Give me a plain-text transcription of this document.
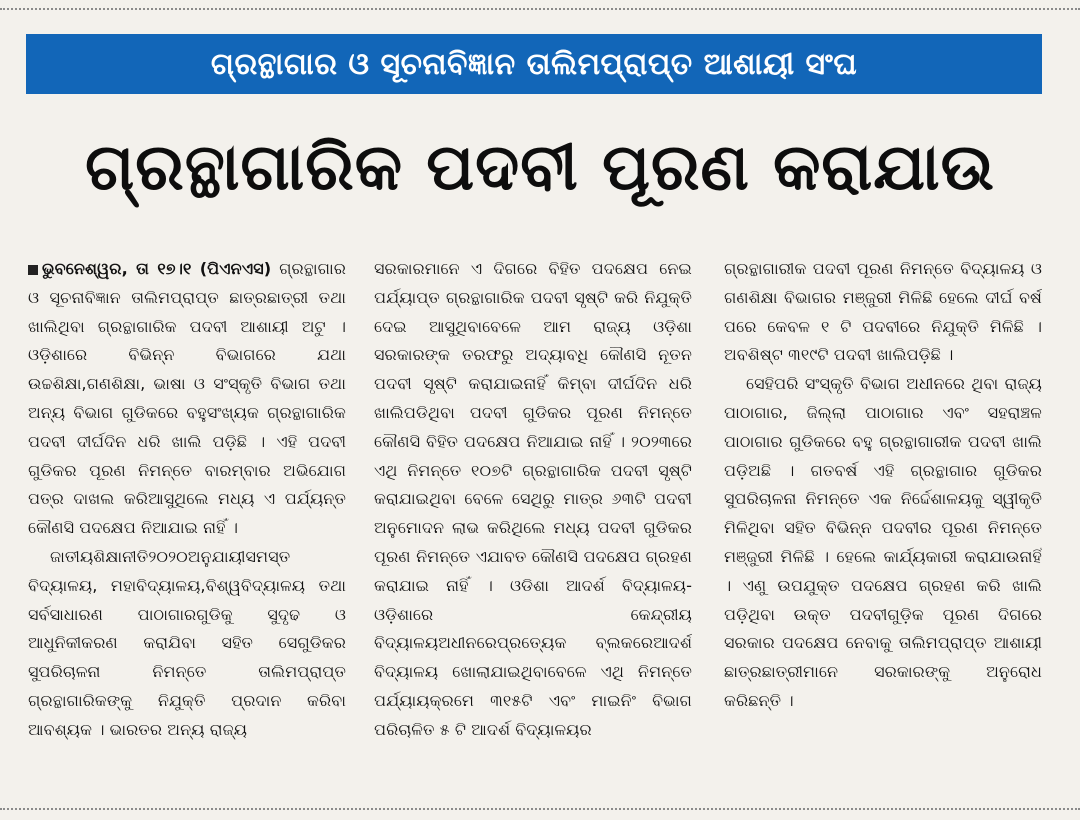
ଗ୍ରନ୍ଥାଗାର ଓ ସୂଚନାବିଜ୍ଞାନ ତାଲିମପ୍ରାପ୍ତ ଆଶାୟୀ ସଂଘ
ଗ୍ରନ୍ଥାଗାରିକ ପଦବୀ ପୂରଣ କରାଯାଉ

ଭୁବନେଶ୍ୱର, ତା ୧୭।୧ (ପିଏନଏସ) ଗ୍ରନ୍ଥାଗାର ଓ ସୂଚନାବିଜ୍ଞାନ ତାଲିମପ୍ରାପ୍ତ ଛାତ୍ରଛାତ୍ରୀ ତଥା ଖାଲିଥିବା ଗ୍ରନ୍ଥାଗାରିକ ପଦବୀ ଆଶାୟୀ ଅଟୁ । ଓଡ଼ିଶାରେ ବିଭିନ୍ନ ବିଭାଗରେ ଯଥା ଉଚ୍ଚଶିକ୍ଷା,ଗଣଶିକ୍ଷା, ଭାଷା ଓ ସଂସ୍କୃତି ବିଭାଗ ତଥା ଅନ୍ୟ ବିଭାଗ ଗୁଡିକରେ ବହୁସଂଖ୍ୟକ ଗ୍ରନ୍ଥାଗାରିକ ପଦବୀ ଦୀର୍ଘଦିନ ଧରି ଖାଲି ପଡ଼ିଛି । ଏହି ପଦବୀ ଗୁଡିକର ପୂରଣ ନିମନ୍ତେ ବାରମ୍ବାର ଅଭିଯୋଗ ପତ୍ର ଦାଖଲ କରିଆସୁଥିଲେ ମଧ୍ୟ ଏ ପର୍ଯ୍ୟନ୍ତ କୌଣସି ପଦକ୍ଷେପ ନିଆଯାଇ ନାହିଁ ।

ଜାତୀୟଶିକ୍ଷାନୀତି୨୦୨୦ଅନୁଯାୟୀସମସ୍ତ ବିଦ୍ୟାଳୟ, ମହାବିଦ୍ୟାଳୟ,ବିଶ୍ୱବିଦ୍ୟାଳୟ ତଥା ସର୍ବସାଧାରଣ ପାଠାଗାରଗୁଡିକୁ ସୁଦୃଢ ଓ ଆଧୁନିକୀକରଣ କରାଯିବା ସହିତ ସେଗୁଡିକର ସୁପରିଚାଳନା ନିମନ୍ତେ ତାଲିମପ୍ରାପ୍ତ ଗ୍ରନ୍ଥାଗାରିକଙ୍କୁ ନିଯୁକ୍ତି ପ୍ରଦାନ କରିବା ଆବଶ୍ୟକ । ଭାରତର ଅନ୍ୟ ରାଜ୍ୟ

ସରକାରମାନେ ଏ ଦିଗରେ ବିହିତ ପଦକ୍ଷେପ ନେଇ ପର୍ଯ୍ୟାପ୍ତ ଗ୍ରନ୍ଥାଗାରିକ ପଦବୀ ସୃଷ୍ଟି କରି ନିଯୁକ୍ତି ଦେଇ ଆସୁଥିବାବେଳେ ଆମ ରାଜ୍ୟ ଓଡ଼ିଶା ସରକାରଙ୍କ ତରଫରୁ ଅଦ୍ୟାବଧି କୌଣସି ନୂତନ ପଦବୀ ସୃଷ୍ଟି କରାଯାଇନାହିଁ କିମ୍ବା ଦୀର୍ଘଦିନ ଧରି ଖାଲିପଡିଥିବା ପଦବୀ ଗୁଡିକର ପୂରଣ ନିମନ୍ତେ କୌଣସି ବିହିତ ପଦକ୍ଷେପ ନିଆଯାଇ ନାହିଁ । ୨୦୨୩ରେ ଏଥି ନିମନ୍ତେ ୧୦୭ଟି ଗ୍ରନ୍ଥାଗାରିକ ପଦବୀ ସୃଷ୍ଟି କରାଯାଇଥିବା ବେଳେ ସେଥିରୁ ମାତ୍ର ୬୩ଟି ପଦବୀ ଅନୁମୋଦନ ଲାଭ କରିଥିଲେ ମଧ୍ୟ ପଦବୀ ଗୁଡିକର ପୂରଣ ନିମନ୍ତେ ଏଯାବତ କୌଣସି ପଦକ୍ଷେପ ଗ୍ରହଣ କରାଯାଇ ନାହିଁ । ଓଡିଶା ଆଦର୍ଶ ବିଦ୍ୟାଳୟ- ଓଡ଼ିଶାରେ କେନ୍ଦ୍ରୀୟ ବିଦ୍ୟାଳୟଅଧୀନରେପ୍ରତ୍ୟେକ ବ୍ଲକରେଆଦର୍ଶ ବିଦ୍ୟାଳୟ ଖୋଲାଯାଇଥିବାବେଳେ ଏଥି ନିମନ୍ତେ ପର୍ଯ୍ୟାୟକ୍ରମେ ୩୧୫ଟି ଏବଂ ମାଇନିଂ ବିଭାଗ ପରିଚାଳିତ ୫ ଟି ଆଦର୍ଶ ବିଦ୍ୟାଳୟର

ଗ୍ରନ୍ଥାଗାରୀକ ପଦବୀ ପୂରଣ ନିମନ୍ତେ ବିଦ୍ୟାଳୟ ଓ ଗଣଶିକ୍ଷା ବିଭାଗର ମଞ୍ଜୁରୀ ମିଳିଛି ହେଲେ ଦୀର୍ଘ ବର୍ଷ ପରେ କେବଳ ୧ ଟି ପଦବୀରେ ନିଯୁକ୍ତି ମିଳିଛି । ଅବଶିଷ୍ଟ ୩୧୯ଟି ପଦବୀ ଖାଲିପଡ଼ିଛି ।

ସେହିପରି ସଂସ୍କୃତି ବିଭାଗ ଅଧୀନରେ ଥିବା ରାଜ୍ୟ ପାଠାଗାର, ଜିଲ୍ଲା ପାଠାଗାର ଏବଂ ସହରାଞ୍ଚଳ ପାଠାଗାର ଗୁଡିକରେ ବହୁ ଗ୍ରନ୍ଥାଗାରୀକ ପଦବୀ ଖାଲି ପଡ଼ିଅଛି । ଗତବର୍ଷ ଏହି ଗ୍ରନ୍ଥାଗାର ଗୁଡିକର ସୁପରିଚାଳନା ନିମନ୍ତେ ଏକ ନିର୍ଦ୍ଦେଶାଳୟକୁ ସ୍ୱୀକୃତି ମିଳିଥିବା ସହିତ ବିଭିନ୍ନ ପଦବୀର ପୂରଣ ନିମନ୍ତେ ମଞ୍ଜୁରୀ ମିଳିଛି । ହେଲେ କାର୍ଯ୍ୟକାରୀ କରାଯାଉନାହିଁ । ଏଣୁ ଉପଯୁକ୍ତ ପଦକ୍ଷେପ ଗ୍ରହଣ କରି ଖାଲି ପଡ଼ିଥିବା ଉକ୍ତ ପଦବୀଗୁଡ଼ିକ ପୂରଣ ଦିଗରେ ସରକାର ପଦକ୍ଷେପ ନେବାକୁ ତାଲିମପ୍ରାପ୍ତ ଆଶାୟୀ ଛାତ୍ରଛାତ୍ରୀମାନେ ସରକାରଙ୍କୁ ଅନୁରୋଧ କରିଛନ୍ତି ।
